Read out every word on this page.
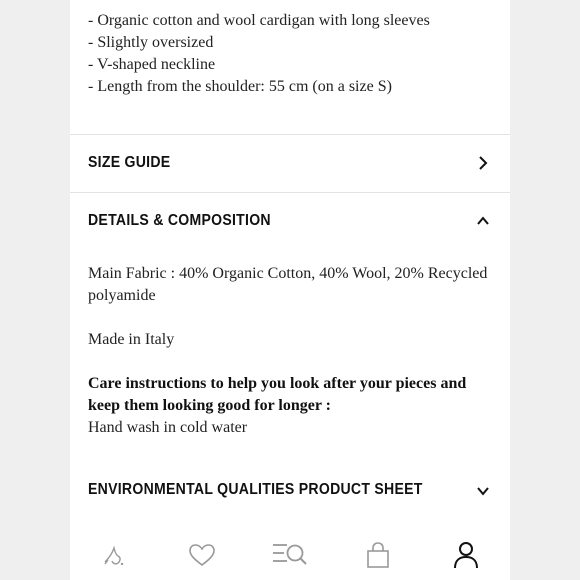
- Organic cotton and wool cardigan with long sleeves
- Slightly oversized
- V-shaped neckline
- Length from the shoulder: 55 cm (on a size S)
SIZE GUIDE
DETAILS & COMPOSITION

Main Fabric : 40% Organic Cotton, 40% Wool, 20% Recycled polyamide

Made in Italy

Care instructions to help you look after your pieces and keep them looking good for longer :

Hand wash in cold water

ENVIRONMENTAL QUALITIES PRODUCT SHEET
